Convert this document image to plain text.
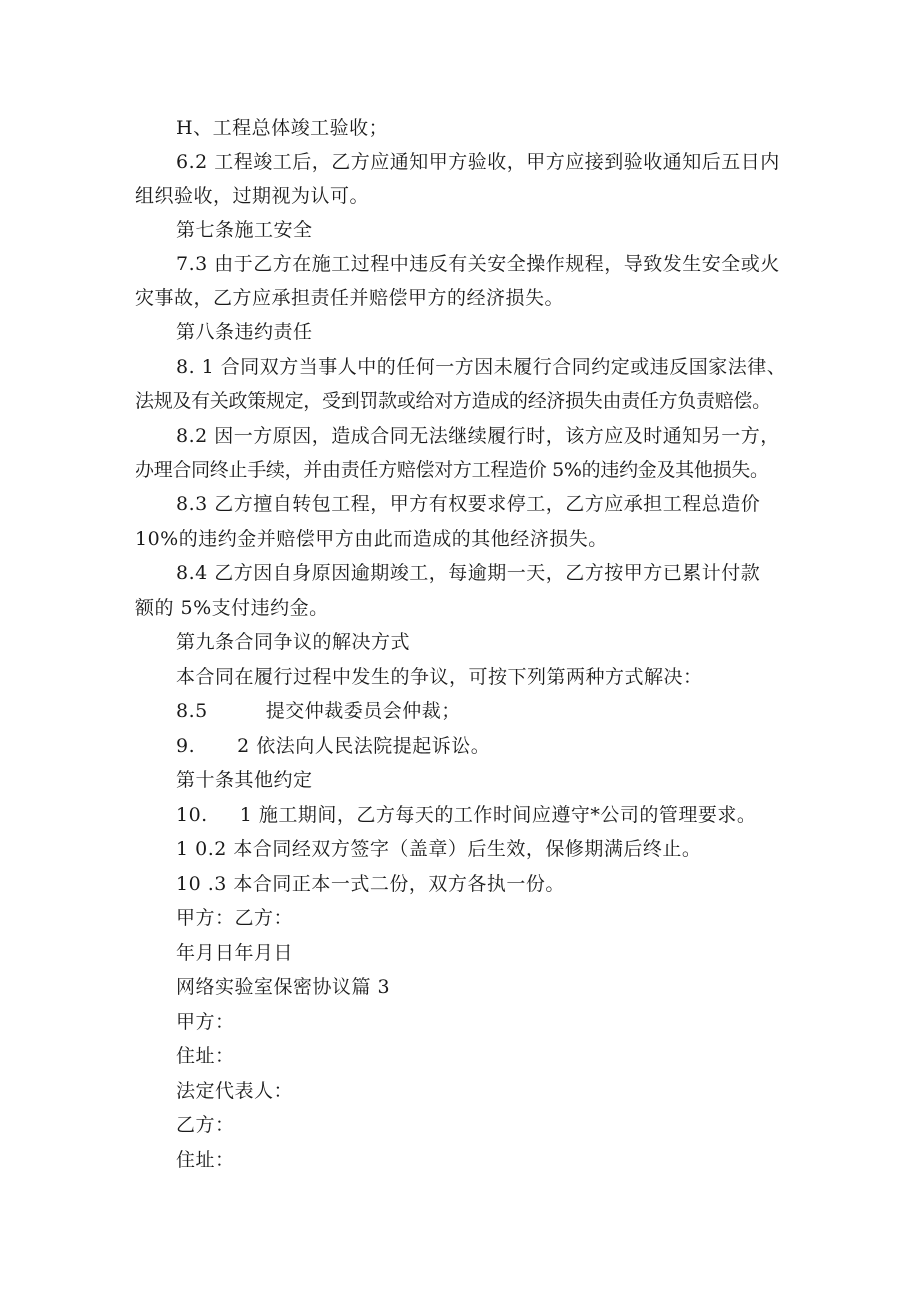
H、工程总体竣工验收；
6.2 工程竣工后，乙方应通知甲方验收，甲方应接到验收通知后五日内
组织验收，过期视为认可。
第七条施工安全
7.3 由于乙方在施工过程中违反有关安全操作规程，导致发生安全或火
灾事故，乙方应承担责任并赔偿甲方的经济损失。
第八条违约责任
8. 1 合同双方当事人中的任何一方因未履行合同约定或违反国家法律、
法规及有关政策规定，受到罚款或给对方造成的经济损失由责任方负责赔偿。
8.2 因一方原因，造成合同无法继续履行时，该方应及时通知另一方，
办理合同终止手续，并由责任方赔偿对方工程造价 5%的违约金及其他损失。
8.3 乙方擅自转包工程，甲方有权要求停工，乙方应承担工程总造价
10%的违约金并赔偿甲方由此而造成的其他经济损失。
8.4 乙方因自身原因逾期竣工，每逾期一天，乙方按甲方已累计付款
额的 5%支付违约金。
第九条合同争议的解决方式
本合同在履行过程中发生的争议，可按下列第两种方式解决：
8.5	提交仲裁委员会仲裁；
9. 2 依法向人民法院提起诉讼。
第十条其他约定
10. 1 施工期间，乙方每天的工作时间应遵守*公司的管理要求。
1 0.2 本合同经双方签字（盖章）后生效，保修期满后终止。
10 .3 本合同正本一式二份，双方各执一份。
甲方：乙方：
年月日年月日
网络实验室保密协议篇 3
甲方：
住址：
法定代表人：
乙方：
住址：
